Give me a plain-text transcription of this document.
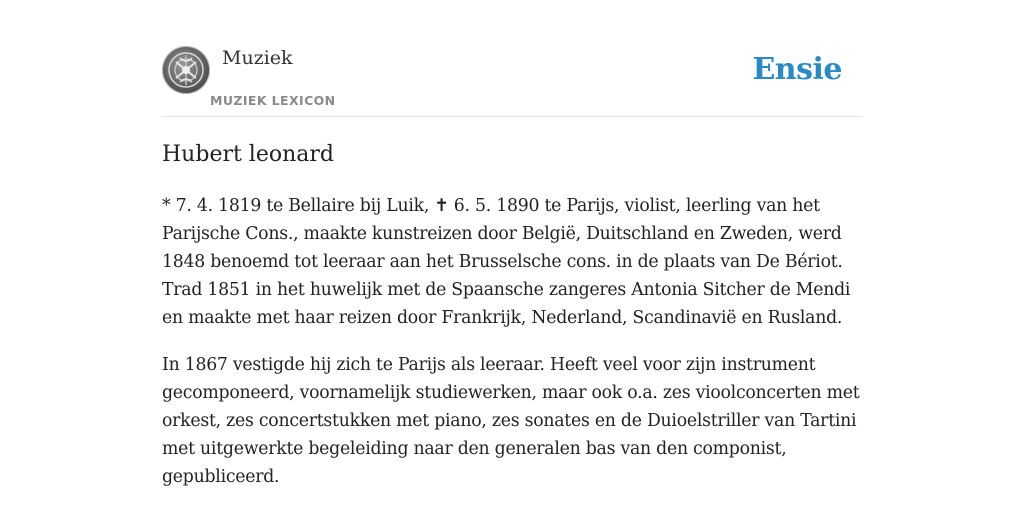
Muziek
MUZIEK LEXICON
Ensie
Hubert leonard

* 7. 4. 1819 te Bellaire bij Luik, ✝ 6. 5. 1890 te Parijs, violist, leerling van het Parijsche Cons., maakte kunstreizen door België, Duitschland en Zweden, werd 1848 benoemd tot leeraar aan het Brusselsche cons. in de plaats van De Bériot. Trad 1851 in het huwelijk met de Spaansche zangeres Antonia Sitcher de Mendi en maakte met haar reizen door Frankrijk, Nederland, Scandinavië en Rusland.

In 1867 vestigde hij zich te Parijs als leeraar. Heeft veel voor zijn instrument gecomponeerd, voornamelijk studiewerken, maar ook o.a. zes vioolconcerten met orkest, zes concertstukken met piano, zes sonates en de Duioelstriller van Tartini met uitgewerkte begeleiding naar den generalen bas van den componist, gepubliceerd.
